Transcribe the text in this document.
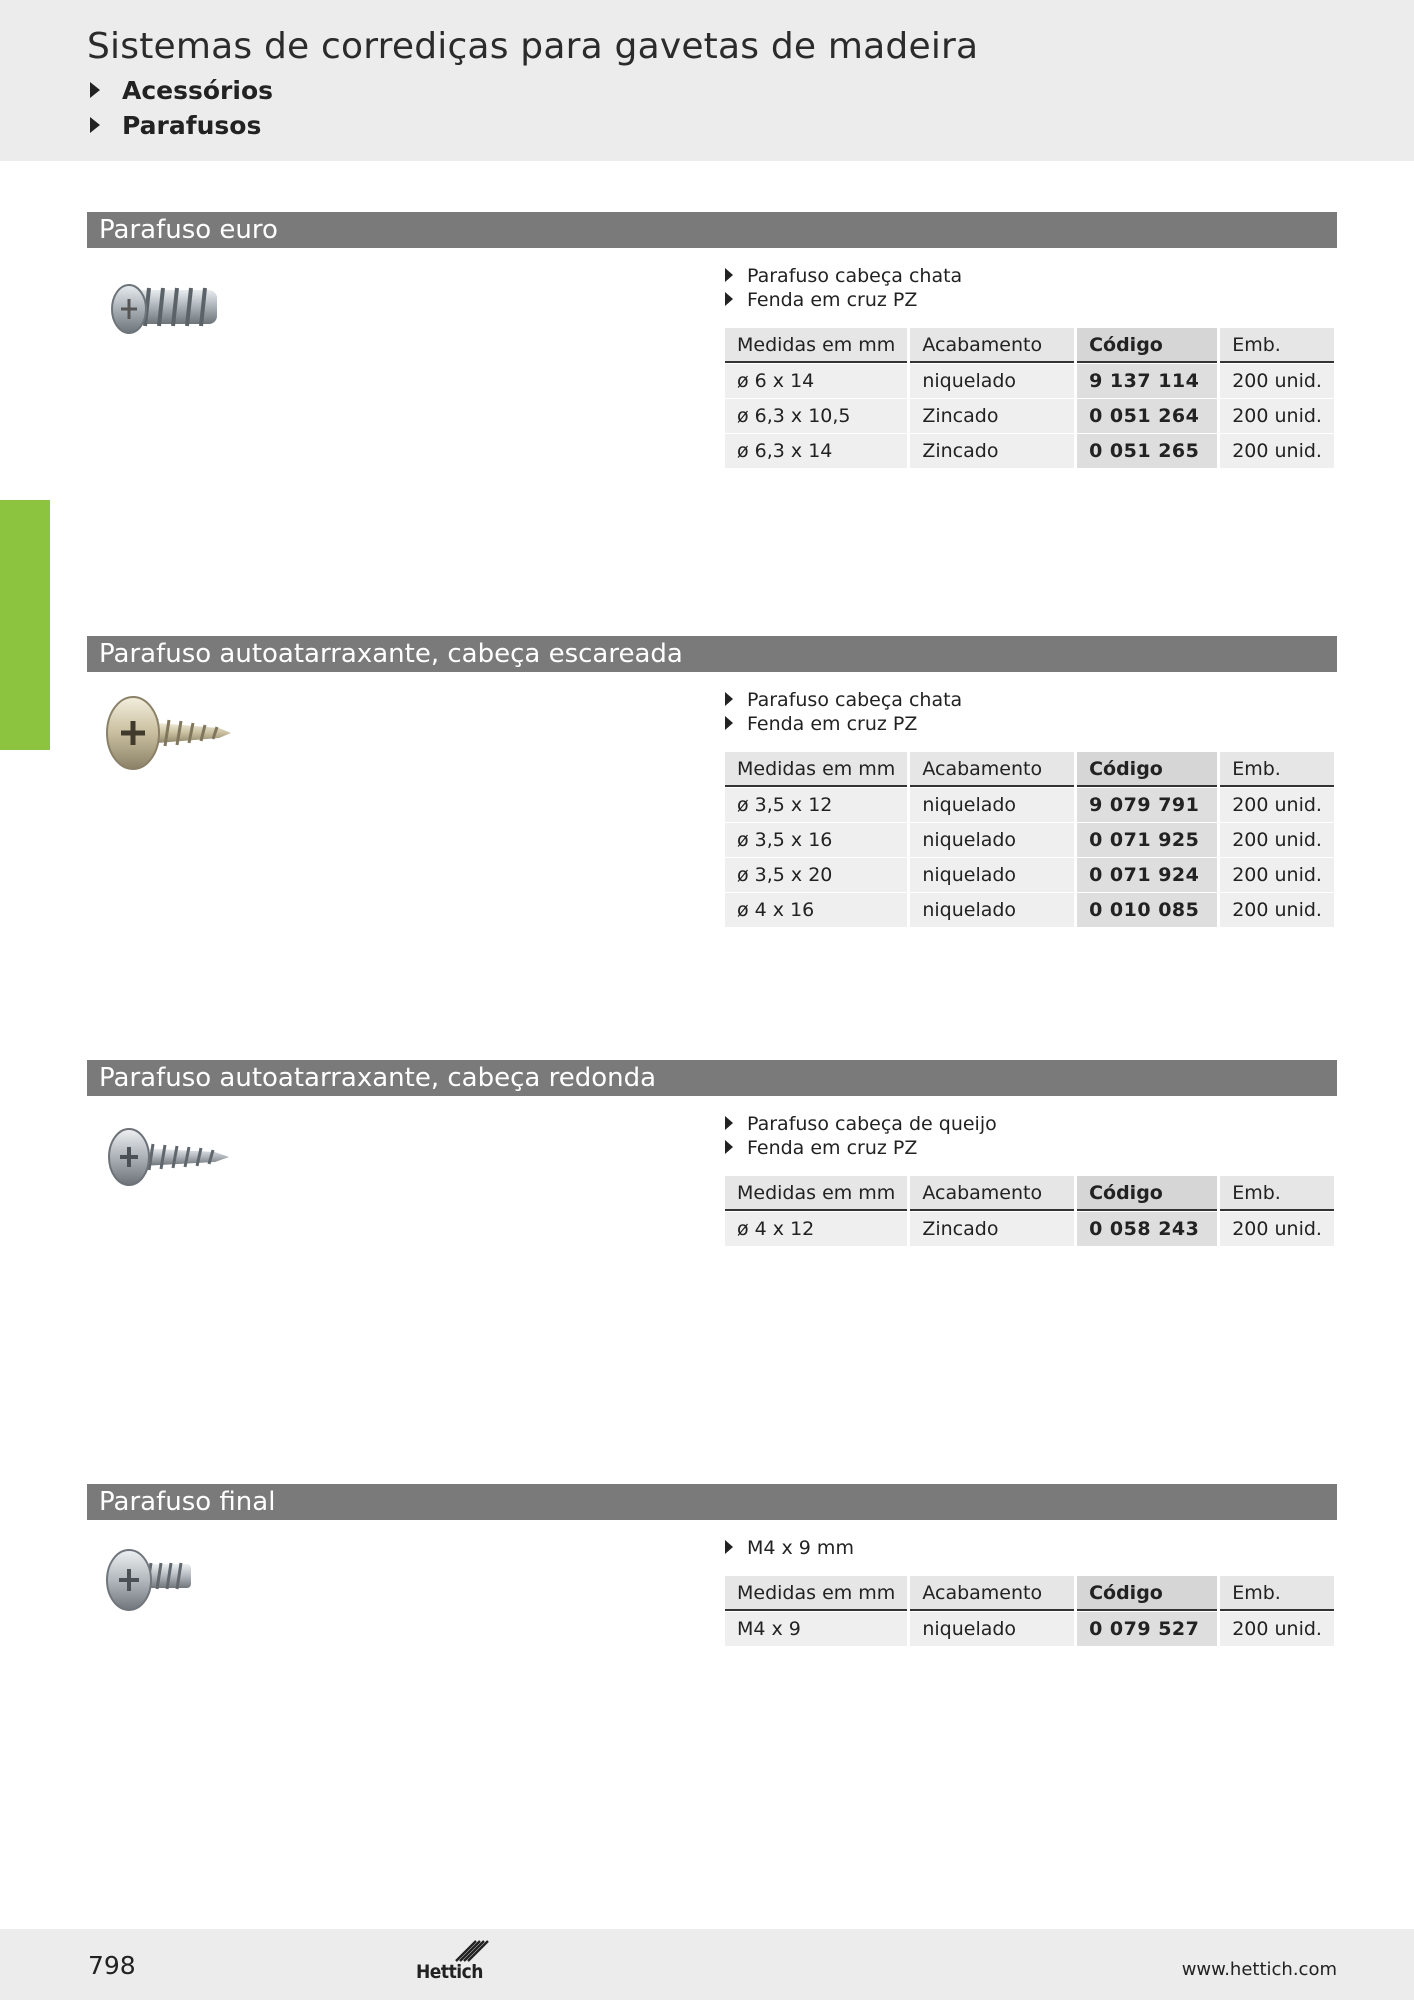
Sistemas de corrediças para gavetas de madeira
Acessórios
Parafusos
Parafuso euro
Parafuso cabeça chata
Fenda em cruz PZ
Medidas em mm	Acabamento	Código	Emb.
ø 6 x 14	niquelado	9 137 114	200 unid.
ø 6,3 x 10,5	Zincado	0 051 264	200 unid.
ø 6,3 x 14	Zincado	0 051 265	200 unid.
Parafuso autoatarraxante, cabeça escareada
Parafuso cabeça chata
Fenda em cruz PZ
Medidas em mm	Acabamento	Código	Emb.
ø 3,5 x 12	niquelado	9 079 791	200 unid.
ø 3,5 x 16	niquelado	0 071 925	200 unid.
ø 3,5 x 20	niquelado	0 071 924	200 unid.
ø 4 x 16	niquelado	0 010 085	200 unid.
Parafuso autoatarraxante, cabeça redonda
Parafuso cabeça de queijo
Fenda em cruz PZ
Medidas em mm	Acabamento	Código	Emb.
ø 4 x 12	Zincado	0 058 243	200 unid.
Parafuso final
M4 x 9 mm
Medidas em mm	Acabamento	Código	Emb.
M4 x 9	niquelado	0 079 527	200 unid.
798	Hettich	www.hettich.com
